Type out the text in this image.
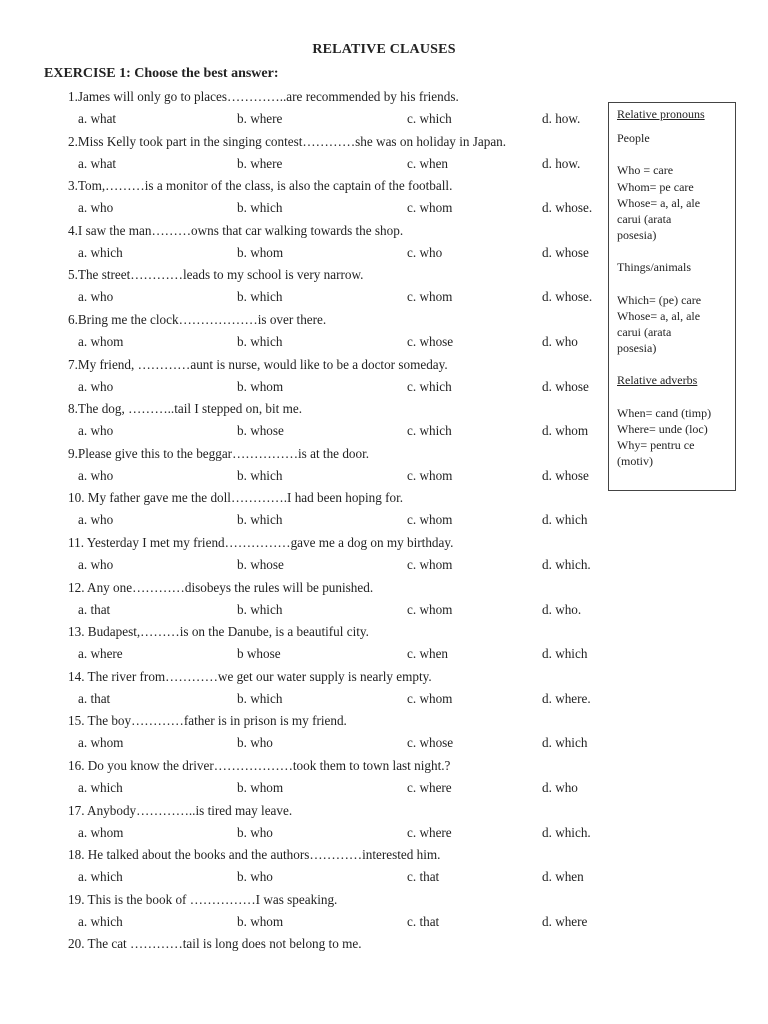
RELATIVE CLAUSES
EXERCISE 1: Choose the best answer:
1.James will only go to places…………..are recommended by his friends.
a. what	b. where	c. which	d. how.
2.Miss Kelly took part in the singing contest…………she was on holiday in Japan.
a. what	b. where	c. when	d. how.
3.Tom,………is a monitor of the class, is also the captain of the football.
a. who	b. which	c. whom	d. whose.
4.I saw the man………owns that car walking towards the shop.
a. which	b. whom	c. who	d. whose
5.The street…………leads to my school is very narrow.
a. who	b. which	c. whom	d. whose.
6.Bring me the clock………………is over there.
a. whom	b. which	c. whose	d. who
7.My friend, …………aunt is nurse, would like to be a doctor someday.
a. who	b. whom	c. which	d. whose
8.The dog, ………..tail I stepped on, bit me.
a. who	b. whose	c. which	d. whom
9.Please give this to the beggar……………is at the door.
a. who	b. which	c. whom	d. whose
10. My father gave me the doll………….I had been hoping for.
a. who	b. which	c. whom	d. which
11. Yesterday I met my friend……………gave me a dog on my birthday.
a. who	b. whose	c. whom	d. which.
12. Any one…………disobeys the rules will be punished.
a. that	b. which	c. whom	d. who.
13. Budapest,………is on the Danube, is a beautiful city.
a. where	b whose	c. when	d. which
14. The river from…………we get our water supply is nearly empty.
a. that	b. which	c. whom	d. where.
15. The boy…………father is in prison is my friend.
a. whom	b. who	c. whose	d. which
16. Do you know the driver………………took them to town last night.?
a. which	b. whom	c. where	d. who
17. Anybody…………..is tired may leave.
a. whom	b. who	c. where	d. which.
18. He talked about the books and the authors…………interested him.
a. which	b. who	c. that	d. when
19. This is the book of ……………I was speaking.
a. which	b. whom	c. that	d. where
20. The cat …………tail is long does not belong to me.
Relative pronouns
People
Who = care
Whom= pe care
Whose= a, al, ale
carui (arata
posesia)
Things/animals
Which= (pe) care
Whose= a, al, ale
carui (arata
posesia)
Relative adverbs
When= cand (timp)
Where= unde (loc)
Why= pentru ce
(motiv)
